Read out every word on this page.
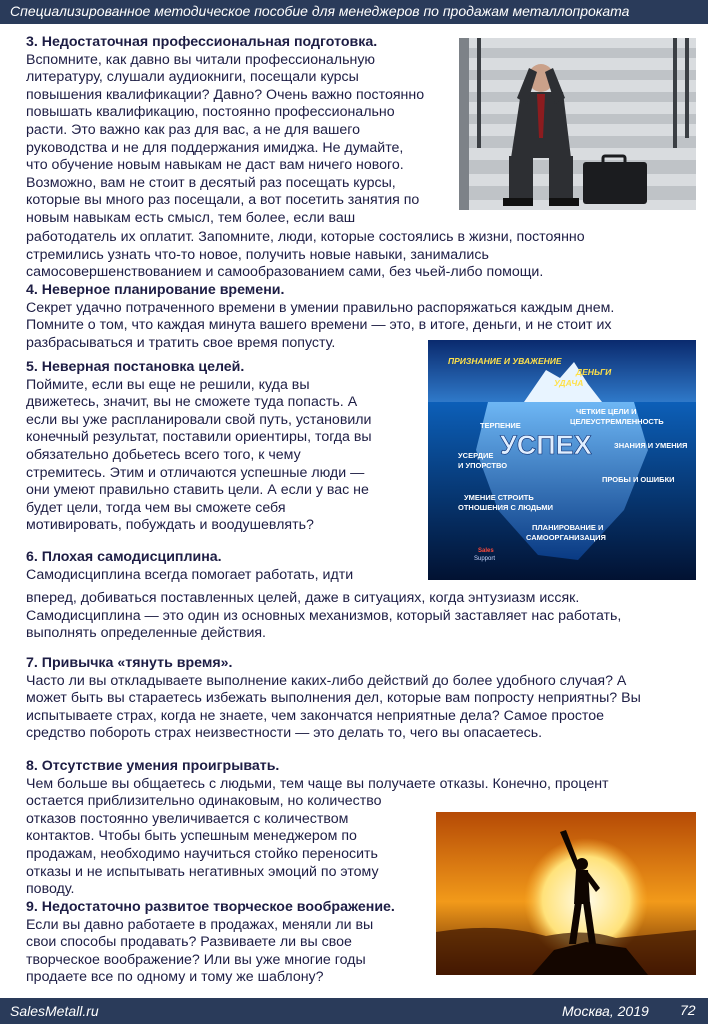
Специализированное методическое пособие для менеджеров по продажам металлопроката

3. Недостаточная профессиональная подготовка.

Вспомните, как давно вы читали профессиональную

литературу, слушали аудиокниги, посещали курсы

повышения квалификации? Давно? Очень важно постоянно

повышать квалификацию, постоянно профессионально

расти. Это важно как раз для вас, а не для вашего

руководства и не для поддержания имиджа. Не думайте,

что обучение новым навыкам не даст вам ничего нового.

Возможно, вам не стоит в десятый раз посещать курсы,

которые вы много раз посещали, а вот посетить занятия по

новым навыкам есть смысл, тем более, если ваш

работодатель их оплатит. Запомните, люди, которые состоялись в жизни, постоянно

стремились узнать что-то новое, получить новые навыки, занимались

самосовершенствованием и самообразованием сами, без чьей-либо помощи.

4. Неверное планирование времени.

Секрет удачно потраченного времени в умении правильно распоряжаться каждым днем.

Помните о том, что каждая минута вашего времени — это, в итоге, деньги, и не стоит их

разбрасываться и тратить свое время попусту.

5. Неверная постановка целей.

Поймите, если вы еще не решили, куда вы

движетесь, значит, вы не сможете туда попасть. А

если вы уже распланировали свой путь, установили

конечный результат, поставили ориентиры, тогда вы

обязательно добьетесь всего того, к чему

стремитесь. Этим и отличаются успешные люди —

они умеют правильно ставить цели. А если у вас не

будет цели, тогда чем вы сможете себя

мотивировать, побуждать и воодушевлять?

ПРИЗНАНИЕ И УВАЖЕНИЕ
ДЕНЬГИ
УДАЧА
ЧЕТКИЕ ЦЕЛИ И
ЦЕЛЕУСТРЕМЛЕННОСТЬ
ТЕРПЕНИЕ
ЗНАНИЯ И УМЕНИЯ
УСЕРДИЕ
И УПОРСТВО
ПРОБЫ И ОШИБКИ
УМЕНИЕ СТРОИТЬ
ОТНОШЕНИЯ С ЛЮДЬМИ
ПЛАНИРОВАНИЕ И
САМООРГАНИЗАЦИЯ
УСПЕХ
Sales
Support

6. Плохая самодисциплина.

Самодисциплина всегда помогает работать, идти

вперед, добиваться поставленных целей, даже в ситуациях, когда энтузиазм иссяк.

Самодисциплина — это один из основных механизмов, который заставляет нас работать,

выполнять определенные действия.

7. Привычка «тянуть время».

Часто ли вы откладываете выполнение каких-либо действий до более удобного случая? А

может быть вы стараетесь избежать выполнения дел, которые вам попросту неприятны? Вы

испытываете страх, когда не знаете, чем закончатся неприятные дела? Самое простое

средство побороть страх неизвестности — это делать то, чего вы опасаетесь.

8. Отсутствие умения проигрывать.

Чем больше вы общаетесь с людьми, тем чаще вы получаете отказы. Конечно, процент

остается приблизительно одинаковым, но количество

отказов постоянно увеличивается с количеством

контактов. Чтобы быть успешным менеджером по

продажам, необходимо научиться стойко переносить

отказы и не испытывать негативных эмоций по этому

поводу.

9. Недостаточно развитое творческое воображение.

Если вы давно работаете в продажах, меняли ли вы

свои способы продавать? Развиваете ли вы свое

творческое воображение? Или вы уже многие годы

продаете все по одному и тому же шаблону?

SalesMetall.ru	Москва, 2019 72
